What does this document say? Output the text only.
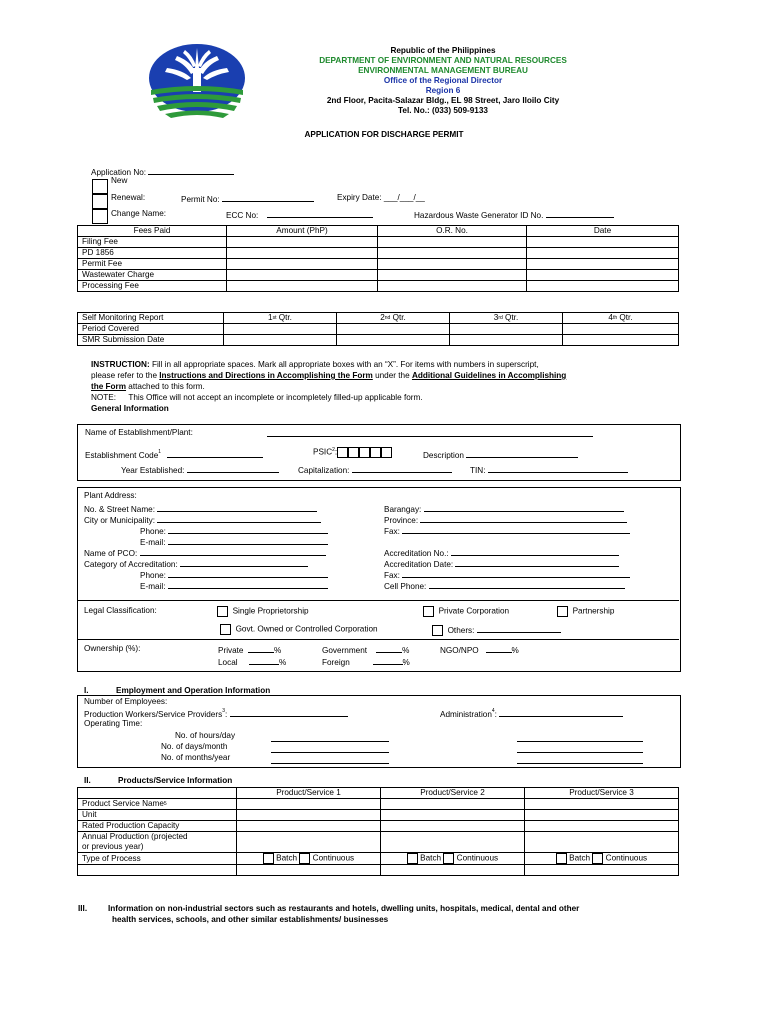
Republic of the Philippines
DEPARTMENT OF ENVIRONMENT AND NATURAL RESOURCES
ENVIRONMENTAL MANAGEMENT BUREAU
Office of the Regional Director
Region 6
2nd Floor, Pacita-Salazar Bldg., EL 98 Street, Jaro Iloilo City
Tel. No.: (033) 509-9133
APPLICATION FOR DISCHARGE PERMIT
Application No:
New
Renewal:	Permit No:	Expiry Date: ___/___/__
Change Name:	ECC No:	Hazardous Waste Generator ID No.
Fees Paid	Amount (PhP)	O.R. No.	Date
Filing Fee			
PD 1856			
Permit Fee			
Wastewater Charge			
Processing Fee			
Self Monitoring Report	1st Qtr.	2nd Qtr.	3rd Qtr.	4th Qtr.
Period Covered				
SMR Submission Date				
INSTRUCTION: Fill in all appropriate spaces. Mark all appropriate boxes with an “X”. For items with numbers in superscript,
please refer to the Instructions and Directions in Accomplishing the Form under the Additional Guidelines in Accomplishing
the Form attached to this form.
NOTE: This Office will not accept an incomplete or incompletely filled-up applicable form.
General Information
Name of Establishment/Plant:
Establishment Code$^1$	PSIC$^2$:	Description
Year Established:	Capitalization:	TIN:
Plant Address:
No. & Street Name:
City or Municipality:
Phone:
E-mail:
Name of PCO:
Category of Accreditation:
Phone:
E-mail:
Barangay:
Province:
Fax:
Accreditation No.:
Accreditation Date:
Fax:
Cell Phone:
Legal Classification:	Single Proprietorship	Private Corporation	Partnership
Govt. Owned or Controlled Corporation	Others:
Ownership (%):	Private	%
Local	%
Government	%
Foreign	%
NGO/NPO	%
I.	Employment and Operation Information
Number of Employees:
Production Workers/Service Providers$^3$:	Administration$^4$:
Operating Time:
No. of hours/day
No. of days/month
No. of months/year
II.	Products/Service Information
	Product/Service 1	Product/Service 2	Product/Service 3
Product Service Name$^5$			
Unit			
Rated Production Capacity			
Annual Production (projected
or previous year)			
Type of Process	Batch Continuous	Batch Continuous	Batch Continuous

III.	Information on non-industrial sectors such as restaurants and hotels, dwelling units, hospitals, medical, dental and other
health services, schools, and other similar establishments/ businesses
